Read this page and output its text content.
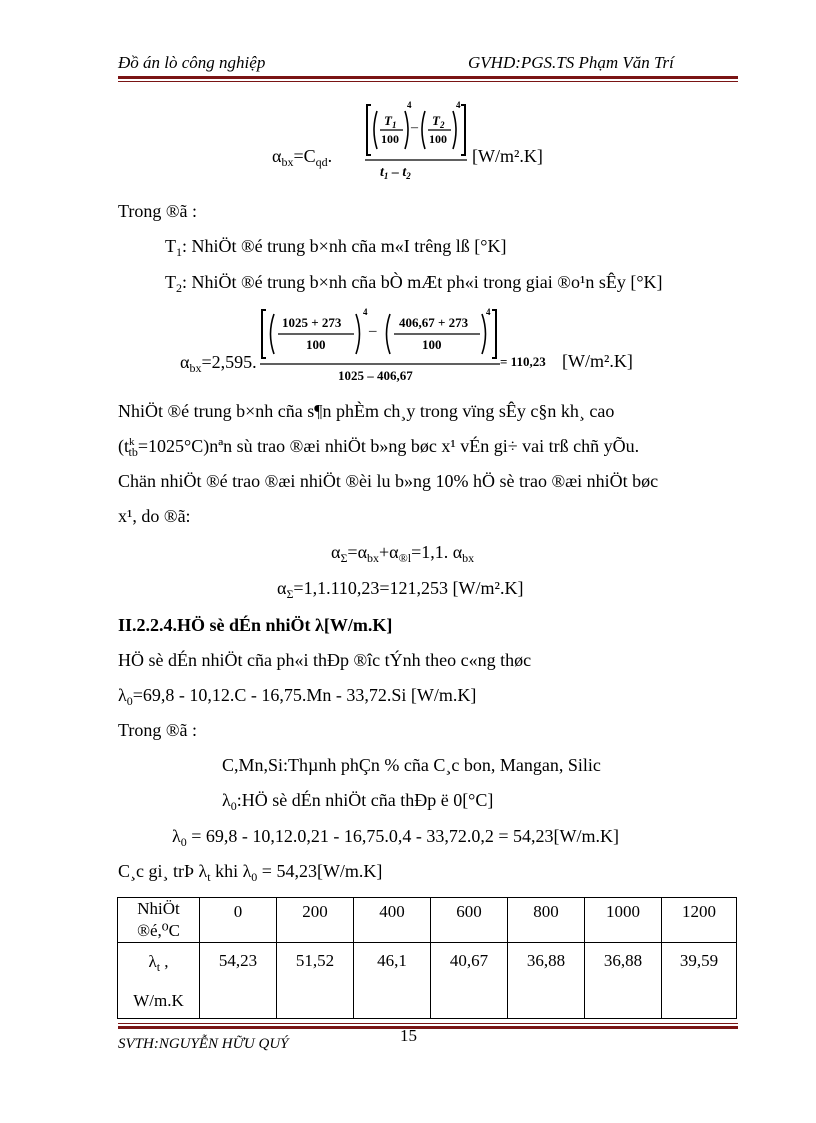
Đồ án lò công nghiệp	GVHD:PGS.TS Phạm Văn Trí
$\alpha_{bx}=C_{qd}$.
$T_1$
100
4
– $T_2$
100
4
$t_1 - t_2$
[W/m².K]
Trong ®ã :
$T_1$: NhiÖt ®é trung b×nh cña m«I trêng lß [°K]
$T_2$: NhiÖt ®é trung b×nh cña bÒ mÆt ph«i trong giai ®o¹n sÊy [°K]
$\alpha_{bx}=2,595$.
1025 + 273
100
4
–
406,67 + 273
100
4
1025 – 406,67
= 110,23 [W/m².K]
NhiÖt ®é trung b×nh cña s¶n phÈm ch¸y trong vïng sÊy c§n kh¸ cao
$(t^k_{tb}=1025^\circ C)nªn$ sù trao ®æi nhiÖt b»ng bøc x¹ vÉn gi÷ vai trß chñ yÕu.
Chän nhiÖt ®é trao ®æi nhiÖt ®èi lu b»ng 10% hÖ sè trao ®æi nhiÖt bøc
x¹, do ®ã:
$\alpha_\Sigma=\alpha_{bx}+\alpha_{®l}=1,1$. $\alpha_{bx}$
$\alpha_\Sigma=1,1.110,23=121,253$ [W/m².K]
II.2.2.4.HÖ sè dÉn nhiÖt λ[W/m.K]
HÖ sè dÉn nhiÖt cña ph«i thÐp ®îc tÝnh theo c«ng thøc
$\lambda_0=69,8 - 10,12.C - 16,75.Mn - 33,72.Si$ [W/m.K]
Trong ®ã :
C,Mn,Si:Thµnh phÇn % cña C¸c bon, Mangan, Silic
$\lambda_0:HÖ$ sè dÉn nhiÖt cña thÐp ë 0[°C]
$\lambda_0 = 69,8 - 10,12.0,21 - 16,75.0,4 - 33,72.0,2 = 54,23[W/m.K]$
C¸c gi¸ trÞ $\lambda_t$ khi $\lambda_0 = 54,23[W/m.K]$
NhiÖt
®é,⁰C	0	200	400	600	800	1000	1200

$\lambda_t$ ,
W/m.K	54,23	51,52	46,1	40,67	36,88	36,88	39,59
15
SVTH:NGUYỄN HỮU QUÝ
